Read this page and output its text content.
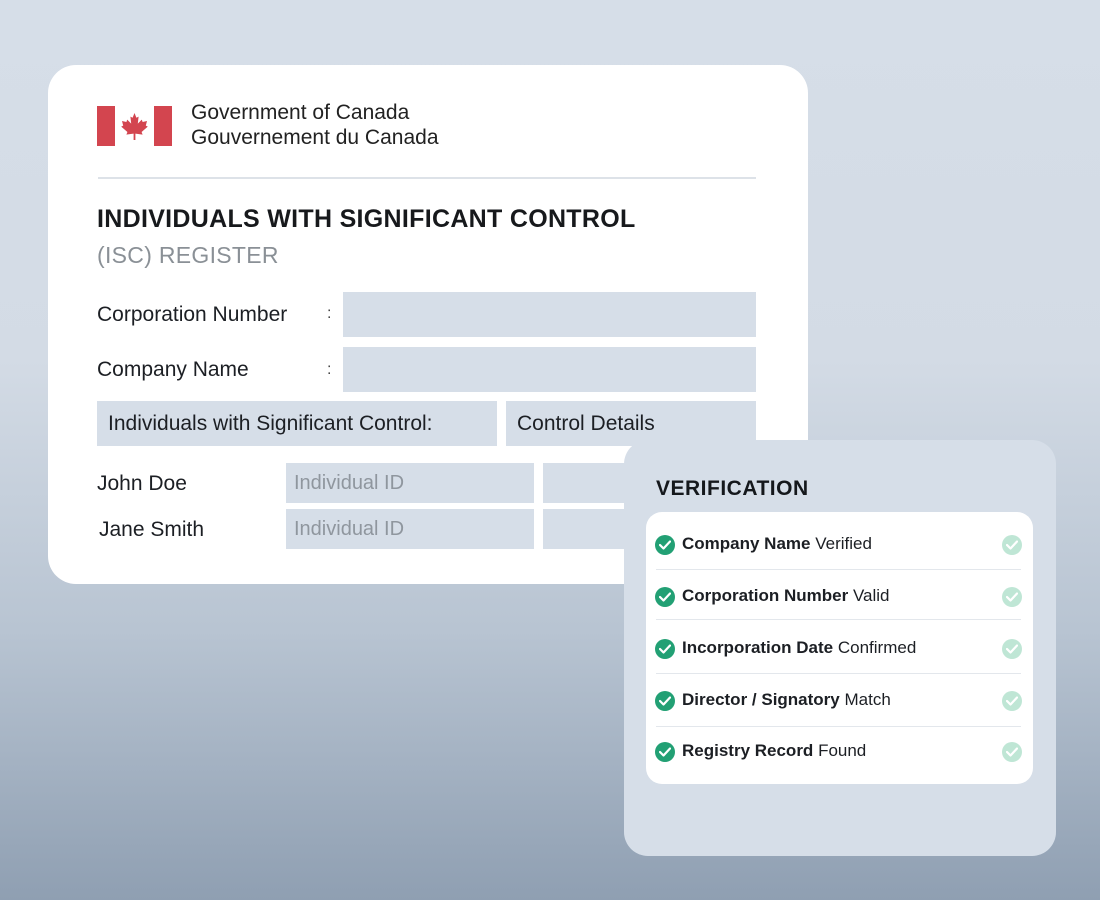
Government of Canada
Gouvernement du Canada
INDIVIDUALS WITH SIGNIFICANT CONTROL
(ISC) REGISTER
Corporation Number :
Company Name	:
Individuals with Significant Control:	Control Details
John Doe	Individual ID
Jane Smith	Individual ID
VERIFICATION
Company Name Verified
Corporation Number Valid
Incorporation Date Confirmed
Director / Signatory Match
Registry Record Found
